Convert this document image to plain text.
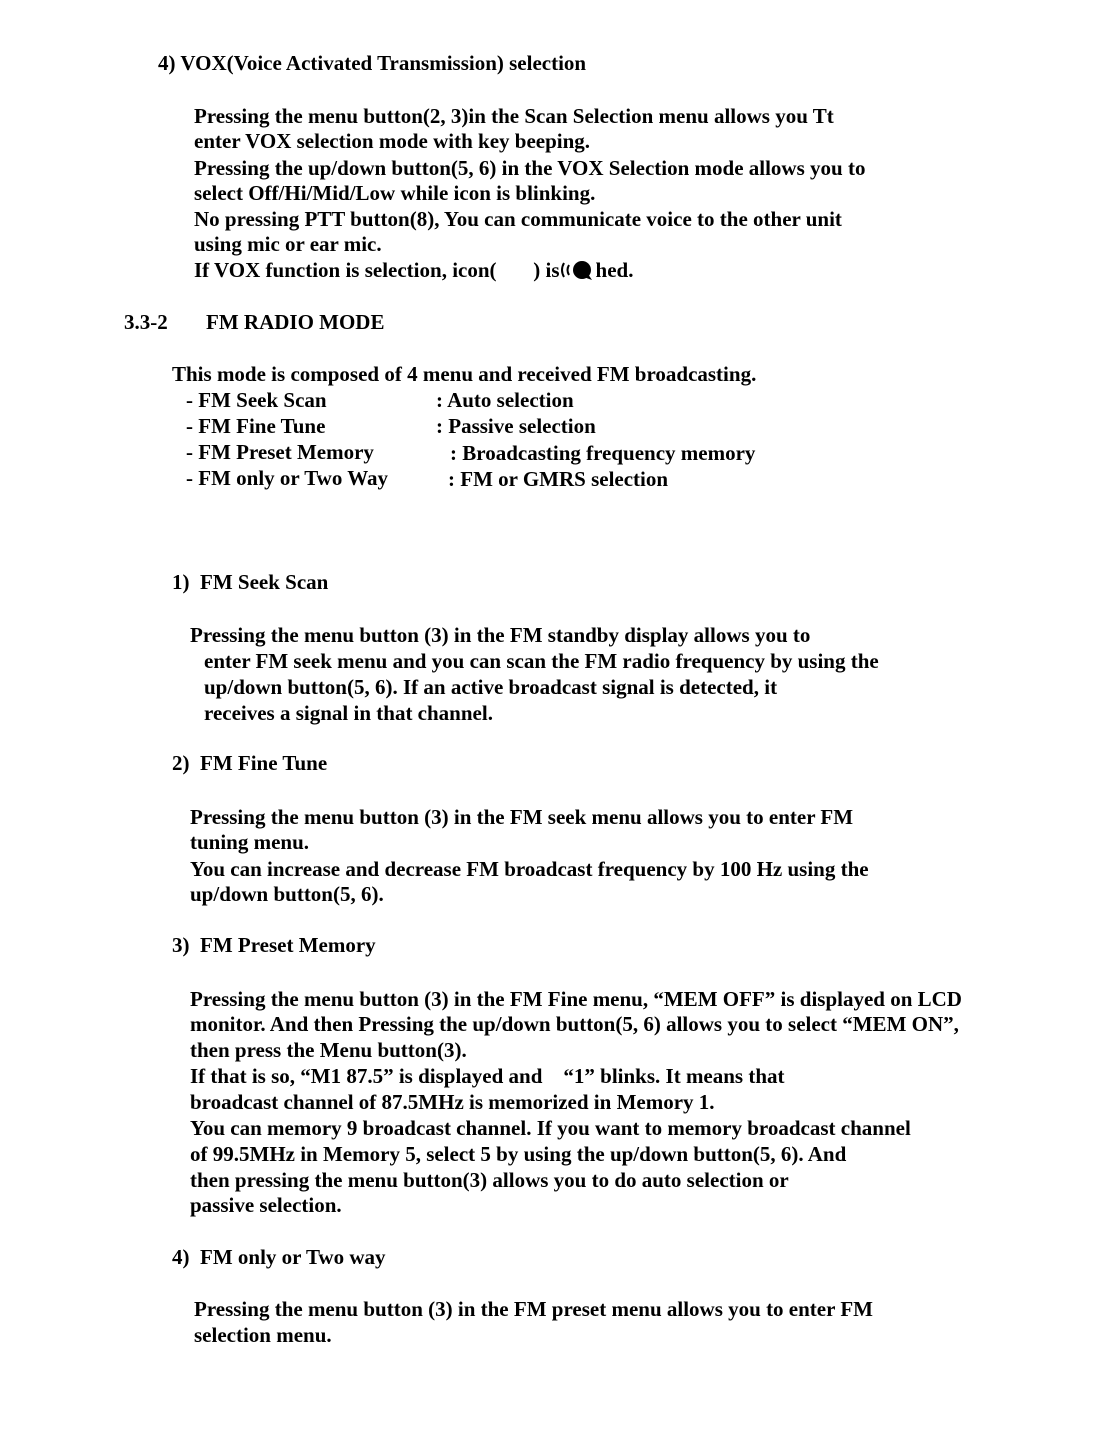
4) VOX(Voice Activated Transmission) selection
Pressing the menu button(2, 3)in the Scan Selection menu allows you Tt
enter VOX selection mode with key beeping.
Pressing the up/down button(5, 6) in the VOX Selection mode allows you to
select Off/Hi/Mid/Low while icon is blinking.
No pressing PTT button(8), You can communicate voice to the other unit
using mic or ear mic.
If VOX function is selection, icon(       ) is hed.
3.3-2 FM RADIO MODE
This mode is composed of 4 menu and received FM broadcasting.
- FM Seek Scan	: Auto selection
- FM Fine Tune	: Passive selection
- FM Preset Memory	: Broadcasting frequency memory
- FM only or Two Way	: FM or GMRS selection
1)  FM Seek Scan
Pressing the menu button (3) in the FM standby display allows you to
enter FM seek menu and you can scan the FM radio frequency by using the
up/down button(5, 6). If an active broadcast signal is detected, it
receives a signal in that channel.
2)  FM Fine Tune
Pressing the menu button (3) in the FM seek menu allows you to enter FM
tuning menu.
You can increase and decrease FM broadcast frequency by 100 Hz using the
up/down button(5, 6).
3)  FM Preset Memory
Pressing the menu button (3) in the FM Fine menu, “MEM OFF” is displayed on LCD
monitor. And then Pressing the up/down button(5, 6) allows you to select “MEM ON”,
then press the Menu button(3).
If that is so, “M1 87.5” is displayed and    “1” blinks. It means that
broadcast channel of 87.5MHz is memorized in Memory 1.
You can memory 9 broadcast channel. If you want to memory broadcast channel
of 99.5MHz in Memory 5, select 5 by using the up/down button(5, 6). And
then pressing the menu button(3) allows you to do auto selection or
passive selection.
4)  FM only or Two way
Pressing the menu button (3) in the FM preset menu allows you to enter FM
selection menu.
